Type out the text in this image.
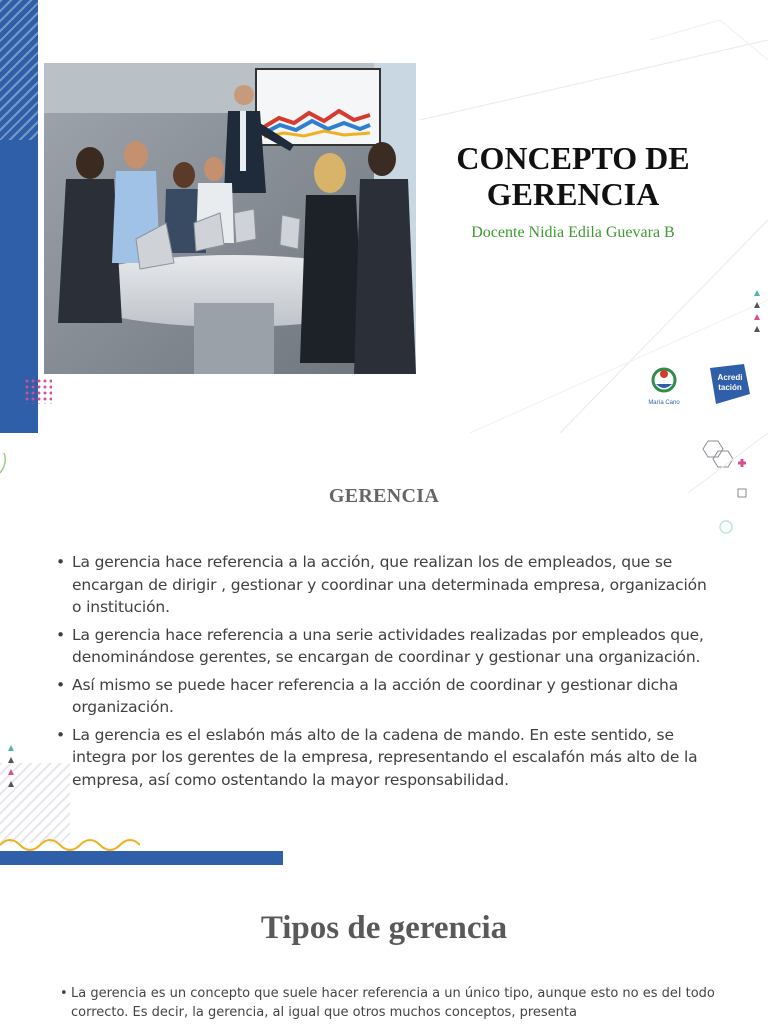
CONCEPTO DE
GERENCIA
Docente Nidia Edila Guevara B
María Cano
Acredi
tación
GERENCIA
• La gerencia hace referencia a la acción, que realizan los de empleados, que se encargan de dirigir , gestionar y coordinar una determinada empresa, organización o institución.
• La gerencia hace referencia a una serie actividades realizadas por empleados que, denominándose gerentes, se encargan de coordinar y gestionar una organización.
• Así mismo se puede hacer referencia a la acción de coordinar y gestionar dicha organización.
• La gerencia es el eslabón más alto de la cadena de mando. En este sentido, se integra por los gerentes de la empresa, representando el escalafón más alto de la empresa, así como ostentando la mayor responsabilidad.
Tipos de gerencia
• La gerencia es un concepto que suele hacer referencia a un único tipo, aunque esto no es del todo correcto. Es decir, la gerencia, al igual que otros muchos conceptos, presenta
